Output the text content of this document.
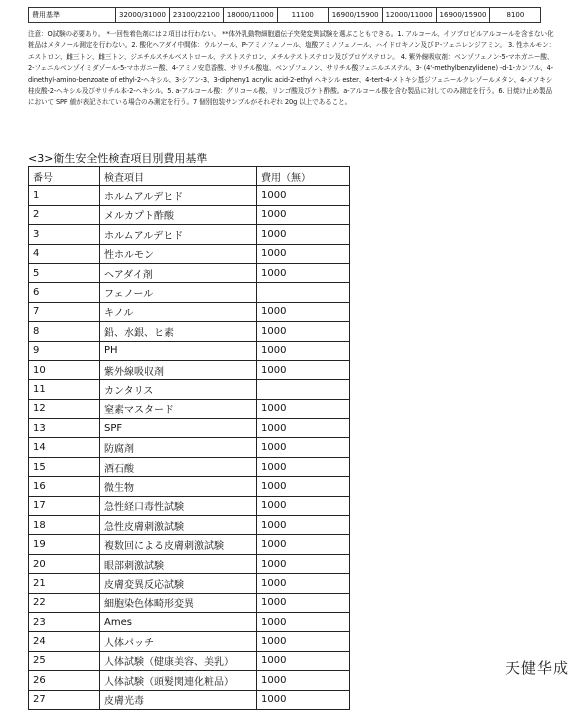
費用基準	32000/31000	23100/22100	18000/11000	11100	16900/15900	12000/11000	16900/15900	8100

注意：O試験の必要あり。 *一回性着色剤には２項目は行わない。 **体外乳動物細胞遺伝子突発変異試験を選ぶこともできる。1. アルコール、イソプロピルアルコールを含まない化粧品はメタノール測定を行わない。2. 酸化ヘアダイ中間体：ウルソール、P-アミノフェノール、塩酸アミノフェノール、ハイドロキノン及びＰ-フェニレンジアミン。 3. 性ホルモン：エストロン、雌三トン、雌三トン、ジエチルスチルベストロール、テストステロン、メチルテストステロン及びプロゲステロン。 4. 紫外線吸収剤：ベンゾフェノン-5-マホガニー酸、2-フェニルベンゾイミダゾール-5-マホガニー酸、4-アミノ安息香酸、サリチル酸塩、ベンゾフェノン、サリチル酸フェニルエステル、3- (4'-methylbenzylidene) -d-1-カンフル、4-dinethyl-amino-benzoate of ethyl-2-ヘキシル、3-シアン-3、3-dipheny1 acrylic acid-2-ethyl ヘキシル ester、4-tert-4-メトキシ基ジフェニールクレゾールメタン、4-メソキシ桂皮酸-2-ヘキシル及びサリチル本-2-ヘキシル。5. a-アルコール酸：グリコール酸、リンゴ酸及びケト酢酸。a-アルコール酸を含む製品に対してのみ測定を行う。6. 日焼け止め製品において SPF 値が表記されている場合のみ測定を行う。7 個別包装サンプルがそれぞれ 20g 以上であること。

<3>衛生安全性検査項目別費用基準
番号	検査項目	費用（無）
1	ホルムアルデヒド	1000
2	メルカプト酢酸	1000
3	ホルムアルデヒド	1000
4	性ホルモン	1000
5	ヘアダイ剤	1000
6	フェノール	
7	キノル	1000
8	鉛、水銀、ヒ素	1000
9	PH	1000
10	紫外線吸収剤	1000
11	カンタリス	
12	窒素マスタード	1000
13	SPF	1000
14	防腐剤	1000
15	酒石酸	1000
16	微生物	1000
17	急性経口毒性試験	1000
18	急性皮膚刺激試験	1000
19	複数回による皮膚刺激試験	1000
20	眼部刺激試験	1000
21	皮膚変異反応試験	1000
22	細胞染色体畸形変異	1000
23	Ames	1000
24	人体パッチ	1000
25	人体試験（健康美容、美乳）	1000
26	人体試験（頭髮関連化粧品）	1000
27	皮膚光毒	1000
天健华成
